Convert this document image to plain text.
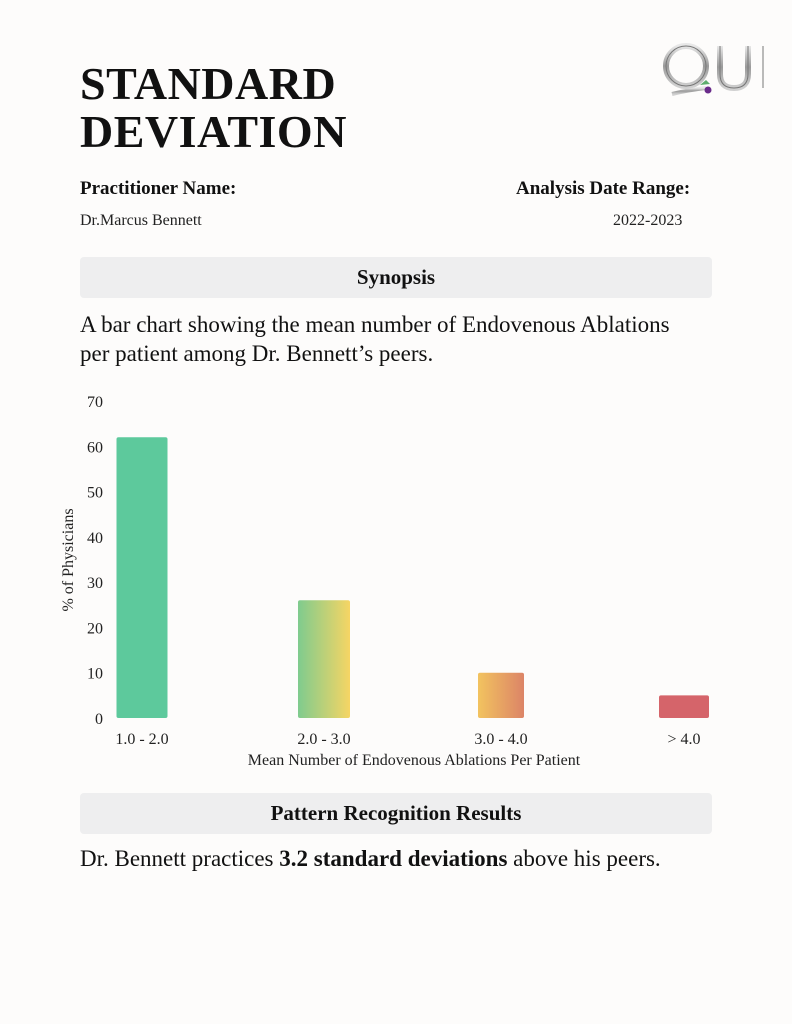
STANDARD
DEVIATION
Practitioner Name:
Dr.Marcus Bennett
Analysis Date Range:
2022-2023
Synopsis
A bar chart showing the mean number of Endovenous Ablations per patient among Dr. Bennett’s peers.
0
10
20
30
40
50
60
70
1.0 - 2.0	2.0 - 3.0	3.0 - 4.0	> 4.0
% of Physicians
Mean Number of Endovenous Ablations Per Patient
Pattern Recognition Results
Dr. Bennett practices 3.2 standard deviations above his peers.
